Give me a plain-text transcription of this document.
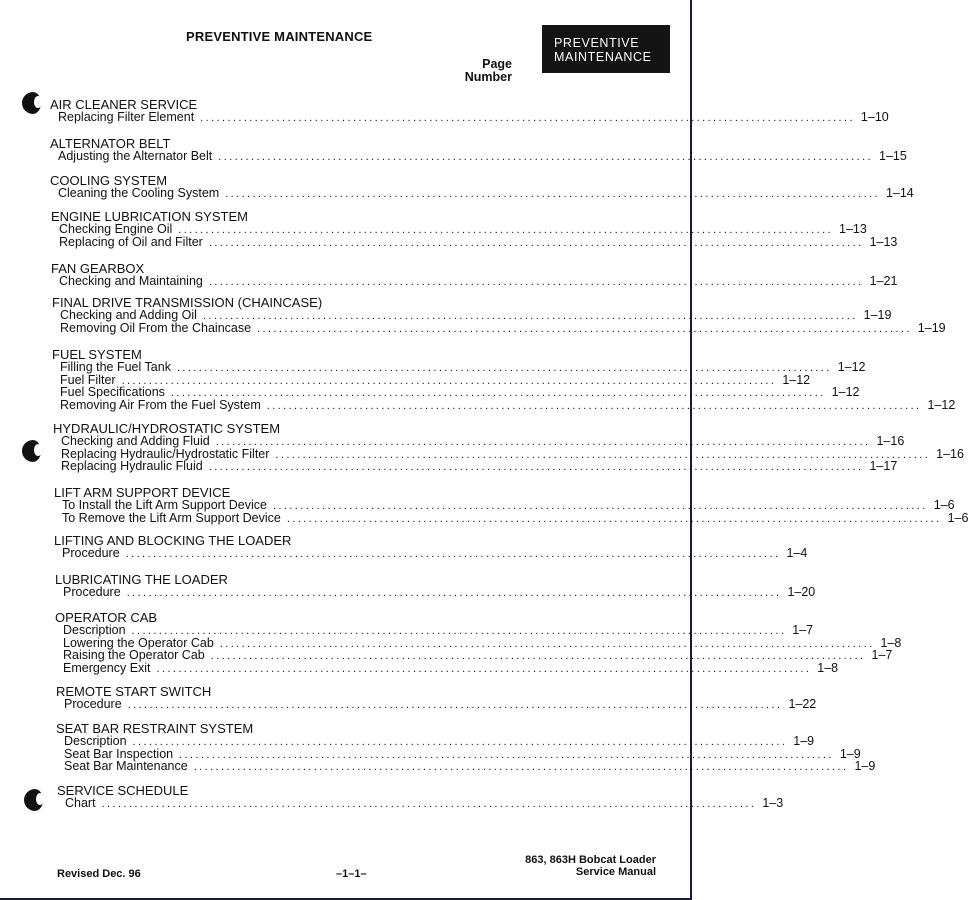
PREVENTIVE MAINTENANCE	PREVENTIVE
MAINTENANCE
Page
Number
AIR CLEANER SERVICE
Replacing Filter Element ........................................................................................................................ 1–10
ALTERNATOR BELT
Adjusting the Alternator Belt ........................................................................................................................ 1–15
COOLING SYSTEM
Cleaning the Cooling System ........................................................................................................................ 1–14
ENGINE LUBRICATION SYSTEM
Checking Engine Oil ........................................................................................................................ 1–13
Replacing of Oil and Filter ........................................................................................................................ 1–13
FAN GEARBOX
Checking and Maintaining ........................................................................................................................ 1–21
FINAL DRIVE TRANSMISSION (CHAINCASE)
Checking and Adding Oil ........................................................................................................................ 1–19
Removing Oil From the Chaincase ........................................................................................................................ 1–19
FUEL SYSTEM
Filling the Fuel Tank ........................................................................................................................ 1–12
Fuel Filter ........................................................................................................................ 1–12
Fuel Specifications ........................................................................................................................ 1–12
Removing Air From the Fuel System ........................................................................................................................ 1–12
HYDRAULIC/HYDROSTATIC SYSTEM
Checking and Adding Fluid ........................................................................................................................ 1–16
Replacing Hydraulic/Hydrostatic Filter ........................................................................................................................ 1–16
Replacing Hydraulic Fluid ........................................................................................................................ 1–17
LIFT ARM SUPPORT DEVICE
To Install the Lift Arm Support Device ........................................................................................................................ 1–6
To Remove the Lift Arm Support Device ........................................................................................................................ 1–6
LIFTING AND BLOCKING THE LOADER
Procedure ........................................................................................................................ 1–4
LUBRICATING THE LOADER
Procedure ........................................................................................................................ 1–20
OPERATOR CAB
Description ........................................................................................................................ 1–7
Lowering the Operator Cab ........................................................................................................................ 1–8
Raising the Operator Cab ........................................................................................................................ 1–7
Emergency Exit ........................................................................................................................ 1–8
REMOTE START SWITCH
Procedure ........................................................................................................................ 1–22
SEAT BAR RESTRAINT SYSTEM
Description ........................................................................................................................ 1–9
Seat Bar Inspection ........................................................................................................................ 1–9
Seat Bar Maintenance ........................................................................................................................ 1–9
SERVICE SCHEDULE
Chart ........................................................................................................................ 1–3
Revised Dec. 96	–1–1–
863, 863H Bobcat Loader
Service Manual
